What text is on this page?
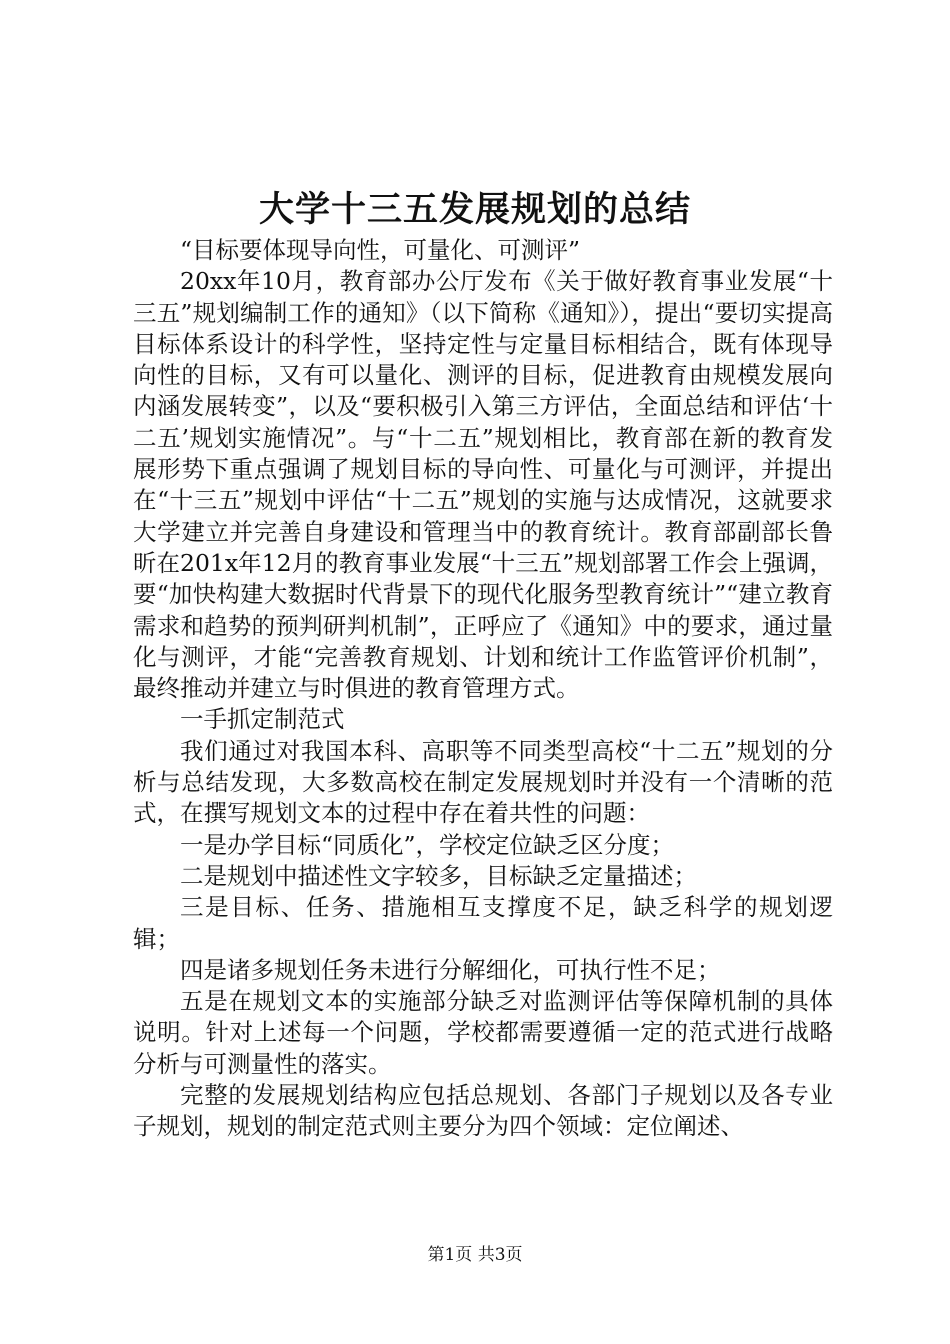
大学十三五发展规划的总结

“目标要体现导向性，可量化、可测评”

20xx年10月，教育部办公厅发布《关于做好教育事业发展“十三五”规划编制工作的通知》（以下简称《通知》），提出“要切实提高目标体系设计的科学性，坚持定性与定量目标相结合，既有体现导向性的目标，又有可以量化、测评的目标，促进教育由规模发展向内涵发展转变”，以及“要积极引入第三方评估，全面总结和评估‘十二五’规划实施情况”。与“十二五”规划相比，教育部在新的教育发展形势下重点强调了规划目标的导向性、可量化与可测评，并提出在“十三五”规划中评估“十二五”规划的实施与达成情况，这就要求大学建立并完善自身建设和管理当中的教育统计。教育部副部长鲁昕在201x年12月的教育事业发展“十三五”规划部署工作会上强调，要“加快构建大数据时代背景下的现代化服务型教育统计”“建立教育需求和趋势的预判研判机制”，正呼应了《通知》中的要求，通过量化与测评，才能“完善教育规划、计划和统计工作监管评价机制”，最终推动并建立与时俱进的教育管理方式。

一手抓定制范式

我们通过对我国本科、高职等不同类型高校“十二五”规划的分析与总结发现，大多数高校在制定发展规划时并没有一个清晰的范式，在撰写规划文本的过程中存在着共性的问题：

一是办学目标“同质化”，学校定位缺乏区分度；

二是规划中描述性文字较多，目标缺乏定量描述；

三是目标、任务、措施相互支撑度不足，缺乏科学的规划逻辑；

四是诸多规划任务未进行分解细化，可执行性不足；

五是在规划文本的实施部分缺乏对监测评估等保障机制的具体说明。针对上述每一个问题，学校都需要遵循一定的范式进行战略分析与可测量性的落实。

完整的发展规划结构应包括总规划、各部门子规划以及各专业子规划，规划的制定范式则主要分为四个领域：定位阐述、

第1页 共3页
